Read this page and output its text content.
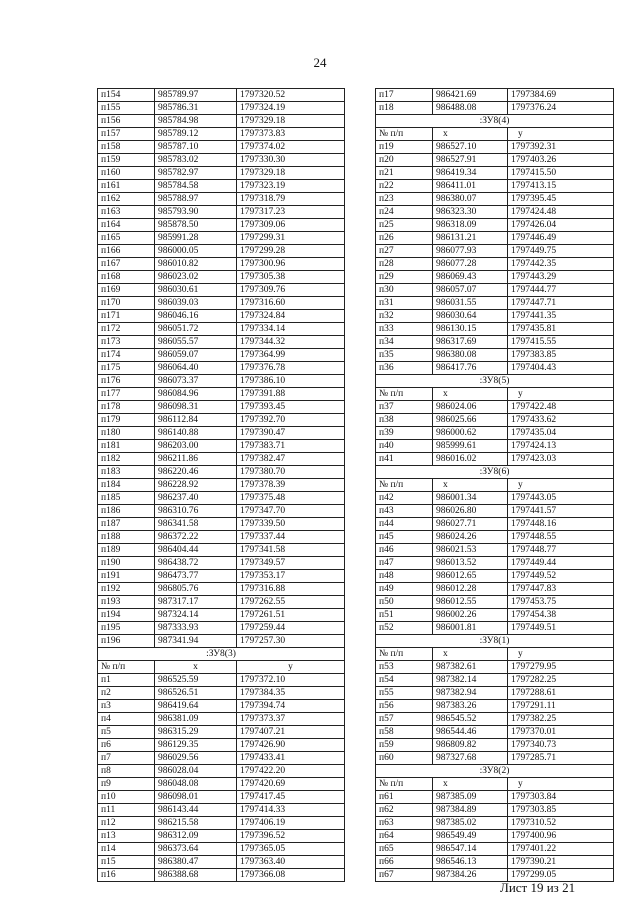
24
п154	985789.97	1797320.52
п155	985786.31	1797324.19
п156	985784.98	1797329.18
п157	985789.12	1797373.83
п158	985787.10	1797374.02
п159	985783.02	1797330.30
п160	985782.97	1797329.18
п161	985784.58	1797323.19
п162	985788.97	1797318.79
п163	985793.90	1797317.23
п164	985878.50	1797309.06
п165	985991.28	1797299.31
п166	986000.05	1797299.28
п167	986010.82	1797300.96
п168	986023.02	1797305.38
п169	986030.61	1797309.76
п170	986039.03	1797316.60
п171	986046.16	1797324.84
п172	986051.72	1797334.14
п173	986055.57	1797344.32
п174	986059.07	1797364.99
п175	986064.40	1797376.78
п176	986073.37	1797386.10
п177	986084.96	1797391.88
п178	986098.31	1797393.45
п179	986112.84	1797392.70
п180	986140.88	1797390.47
п181	986203.00	1797383.71
п182	986211.86	1797382.47
п183	986220.46	1797380.70
п184	986228.92	1797378.39
п185	986237.40	1797375.48
п186	986310.76	1797347.70
п187	986341.58	1797339.50
п188	986372.22	1797337.44
п189	986404.44	1797341.58
п190	986438.72	1797349.57
п191	986473.77	1797353.17
п192	986805.76	1797316.88
п193	987317.17	1797262.55
п194	987324.14	1797261.51
п195	987333.93	1797259.44
п196	987341.94	1797257.30
:ЗУ8(3)		
№ п/п	x	y
п1	986525.59	1797372.10
п2	986526.51	1797384.35
п3	986419.64	1797394.74
п4	986381.09	1797373.37
п5	986315.29	1797407.21
п6	986129.35	1797426.90
п7	986029.56	1797433.41
п8	986028.04	1797422.20
п9	986048.08	1797420.69
п10	986098.01	1797417.45
п11	986143.44	1797414.33
п12	986215.58	1797406.19
п13	986312.09	1797396.52
п14	986373.64	1797365.05
п15	986380.47	1797363.40
п16	986388.68	1797366.08
п17	986421.69	1797384.69
п18	986488.08	1797376.24
:ЗУ8(4)		
№ п/п	x	y
п19	986527.10	1797392.31
п20	986527.91	1797403.26
п21	986419.34	1797415.50
п22	986411.01	1797413.15
п23	986380.07	1797395.45
п24	986323.30	1797424.48
п25	986318.09	1797426.04
п26	986131.21	1797446.49
п27	986077.93	1797449.75
п28	986077.28	1797442.35
п29	986069.43	1797443.29
п30	986057.07	1797444.77
п31	986031.55	1797447.71
п32	986030.64	1797441.35
п33	986130.15	1797435.81
п34	986317.69	1797415.55
п35	986380.08	1797383.85
п36	986417.76	1797404.43
:ЗУ8(5)		
№ п/п	x	y
п37	986024.06	1797422.48
п38	986025.66	1797433.62
п39	986000.62	1797435.04
п40	985999.61	1797424.13
п41	986016.02	1797423.03
:ЗУ8(6)		
№ п/п	x	y
п42	986001.34	1797443.05
п43	986026.80	1797441.57
п44	986027.71	1797448.16
п45	986024.26	1797448.55
п46	986021.53	1797448.77
п47	986013.52	1797449.44
п48	986012.65	1797449.52
п49	986012.28	1797447.83
п50	986012.55	1797453.75
п51	986002.26	1797454.38
п52	986001.81	1797449.51
:ЗУ8(1)		
№ п/п	x	y
п53	987382.61	1797279.95
п54	987382.14	1797282.25
п55	987382.94	1797288.61
п56	987383.26	1797291.11
п57	986545.52	1797382.25
п58	986544.46	1797370.01
п59	986809.82	1797340.73
п60	987327.68	1797285.71
:ЗУ8(2)		
№ п/п	x	y
п61	987385.09	1797303.84
п62	987384.89	1797303.85
п63	987385.02	1797310.52
п64	986549.49	1797400.96
п65	986547.14	1797401.22
п66	986546.13	1797390.21
п67	987384.26	1797299.05
Лист 19 из 21
